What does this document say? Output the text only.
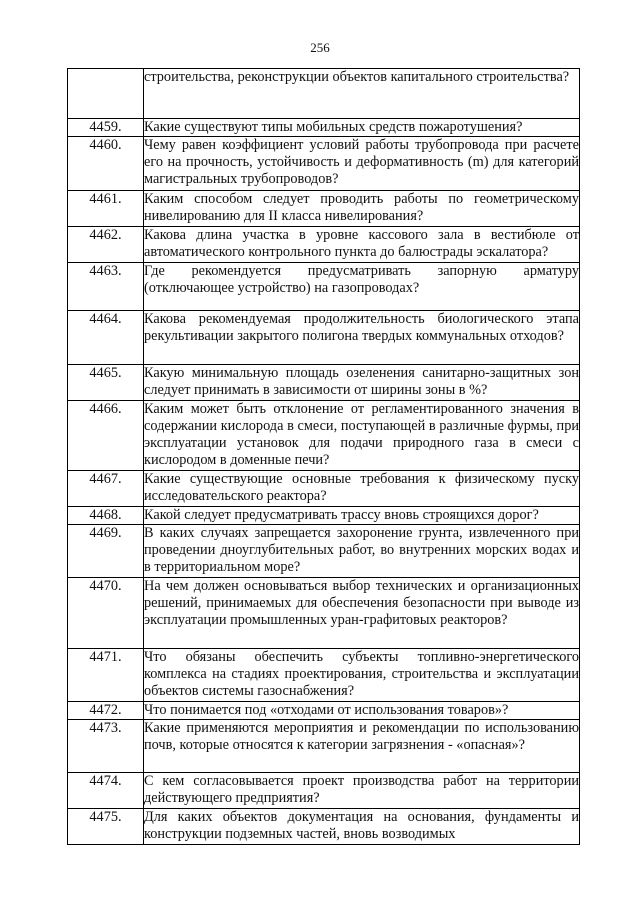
256
	строительства, реконструкции объектов капитального строительства?
4459.	Какие существуют типы мобильных средств пожаротушения?
4460.	Чему равен коэффициент условий работы трубопровода при расчете его на прочность, устойчивость и деформативность (m) для категорий магистральных трубопроводов?
4461.	Каким способом следует проводить работы по геометрическому нивелированию для II класса нивелирования?
4462.	Какова длина участка в уровне кассового зала в вестибюле от автоматического контрольного пункта до балюстрады эскалатора?
4463.	Где рекомендуется предусматривать запорную арматуру (отключающее устройство) на газопроводах?
4464.	Какова рекомендуемая продолжительность биологического этапа рекультивации закрытого полигона твердых коммунальных отходов?
4465.	Какую минимальную площадь озеленения санитарно-защитных зон следует принимать в зависимости от ширины зоны в %?
4466.	Каким может быть отклонение от регламентированного значения в содержании кислорода в смеси, поступающей в различные фурмы, при эксплуатации установок для подачи природного газа в смеси с кислородом в доменные печи?
4467.	Какие существующие основные требования к физическому пуску исследовательского реактора?
4468.	Какой следует предусматривать трассу вновь строящихся дорог?
4469.	В каких случаях запрещается захоронение грунта, извлеченного при проведении дноуглубительных работ, во внутренних морских водах и в территориальном море?
4470.	На чем должен основываться выбор технических и организационных решений, принимаемых для обеспечения безопасности при выводе из эксплуатации промышленных уран-графитовых реакторов?
4471.	Что обязаны обеспечить субъекты топливно-энергетического комплекса на стадиях проектирования, строительства и эксплуатации объектов системы газоснабжения?
4472.	Что понимается под «отходами от использования товаров»?
4473.	Какие применяются мероприятия и рекомендации по использованию почв, которые относятся к категории загрязнения - «опасная»?
4474.	С кем согласовывается проект производства работ на территории действующего предприятия?
4475.	Для каких объектов документация на основания, фундаменты и конструкции подземных частей, вновь возводимых
